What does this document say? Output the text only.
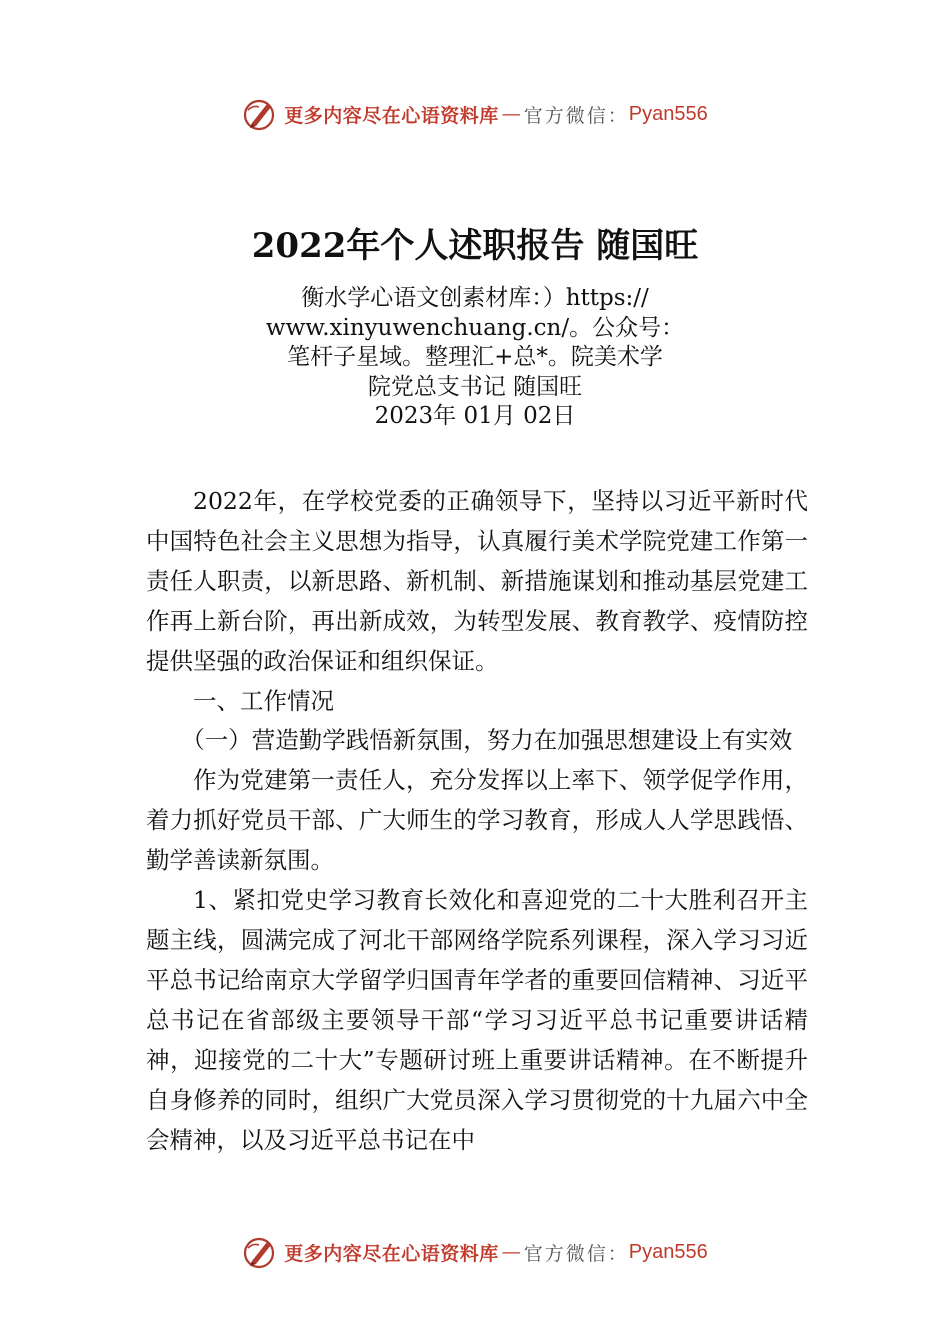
更多内容尽在心语资料库 — 官方微信： Pyan556
2022年个人述职报告 随国旺
衡水学心语文创素材库：）https://
www.xinyuwenchuang.cn/。公众号：
笔杆子星域。整理汇+总*。院美术学
院党总支书记 随国旺
2023年 01月 02日

2022年，在学校党委的正确领导下，坚持以习近平新时代中国特色社会主义思想为指导，认真履行美术学院党建工作第一责任人职责，以新思路、新机制、新措施谋划和推动基层党建工作再上新台阶，再出新成效，为转型发展、教育教学、疫情防控提供坚强的政治保证和组织保证。

一、工作情况

（一）营造勤学践悟新氛围，努力在加强思想建设上有实效

作为党建第一责任人，充分发挥以上率下、领学促学作用，着力抓好党员干部、广大师生的学习教育，形成人人学思践悟、勤学善读新氛围。

1、紧扣党史学习教育长效化和喜迎党的二十大胜利召开主题主线，圆满完成了河北干部网络学院系列课程，深入学习习近平总书记给南京大学留学归国青年学者的重要回信精神、习近平总书记在省部级主要领导干部“学习习近平总书记重要讲话精神，迎接党的二十大”专题研讨班上重要讲话精神。在不断提升自身修养的同时，组织广大党员深入学习贯彻党的十九届六中全会精神，以及习近平总书记在中

更多内容尽在心语资料库 — 官方微信： Pyan556
